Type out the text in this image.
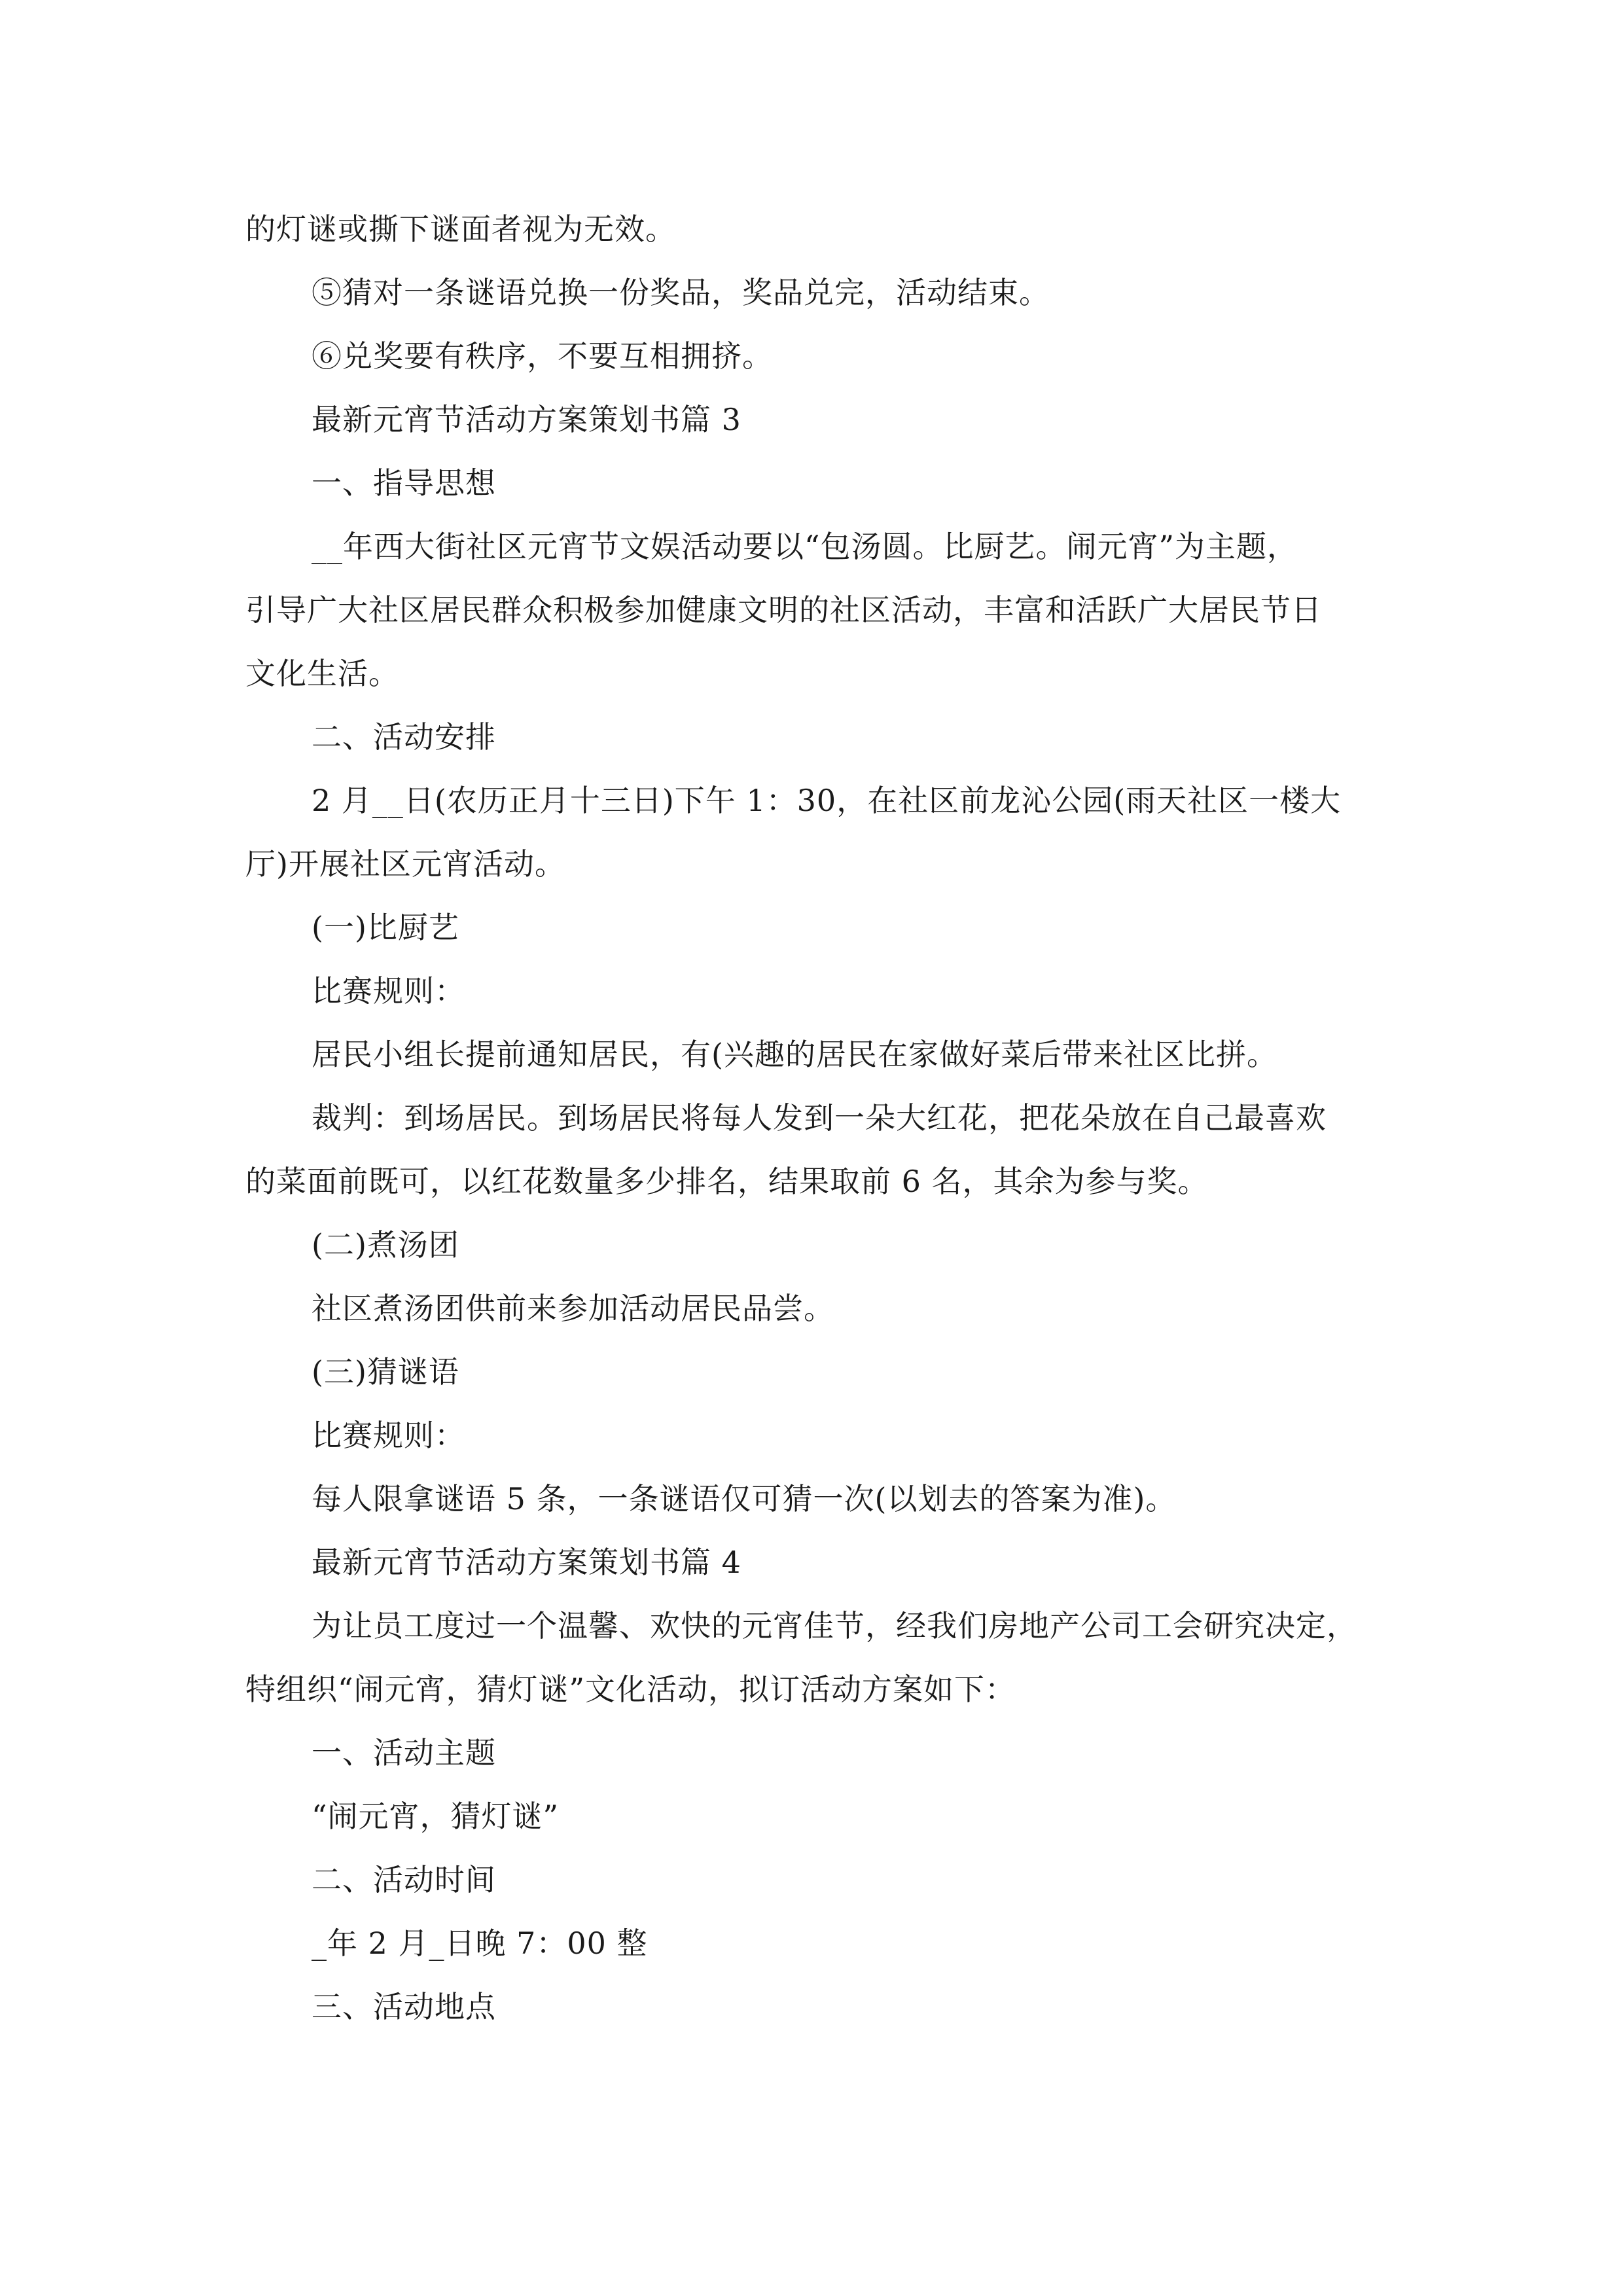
的灯谜或撕下谜面者视为无效。
⑤猜对一条谜语兑换一份奖品，奖品兑完，活动结束。
⑥兑奖要有秩序，不要互相拥挤。
最新元宵节活动方案策划书篇 3
一、指导思想
__年西大街社区元宵节文娱活动要以“包汤圆。比厨艺。闹元宵”为主题，
引导广大社区居民群众积极参加健康文明的社区活动，丰富和活跃广大居民节日
文化生活。
二、活动安排
2 月__日(农历正月十三日)下午 1：30，在社区前龙沁公园(雨天社区一楼大
厅)开展社区元宵活动。
(一)比厨艺
比赛规则：
居民小组长提前通知居民，有(兴趣的居民在家做好菜后带来社区比拼。
裁判：到场居民。到场居民将每人发到一朵大红花，把花朵放在自己最喜欢
的菜面前既可，以红花数量多少排名，结果取前 6 名，其余为参与奖。
(二)煮汤团
社区煮汤团供前来参加活动居民品尝。
(三)猜谜语
比赛规则：
每人限拿谜语 5 条，一条谜语仅可猜一次(以划去的答案为准)。
最新元宵节活动方案策划书篇 4
为让员工度过一个温馨、欢快的元宵佳节，经我们房地产公司工会研究决定，
特组织“闹元宵，猜灯谜”文化活动，拟订活动方案如下：
一、活动主题
“闹元宵，猜灯谜”
二、活动时间
_年 2 月_日晚 7：00 整
三、活动地点
